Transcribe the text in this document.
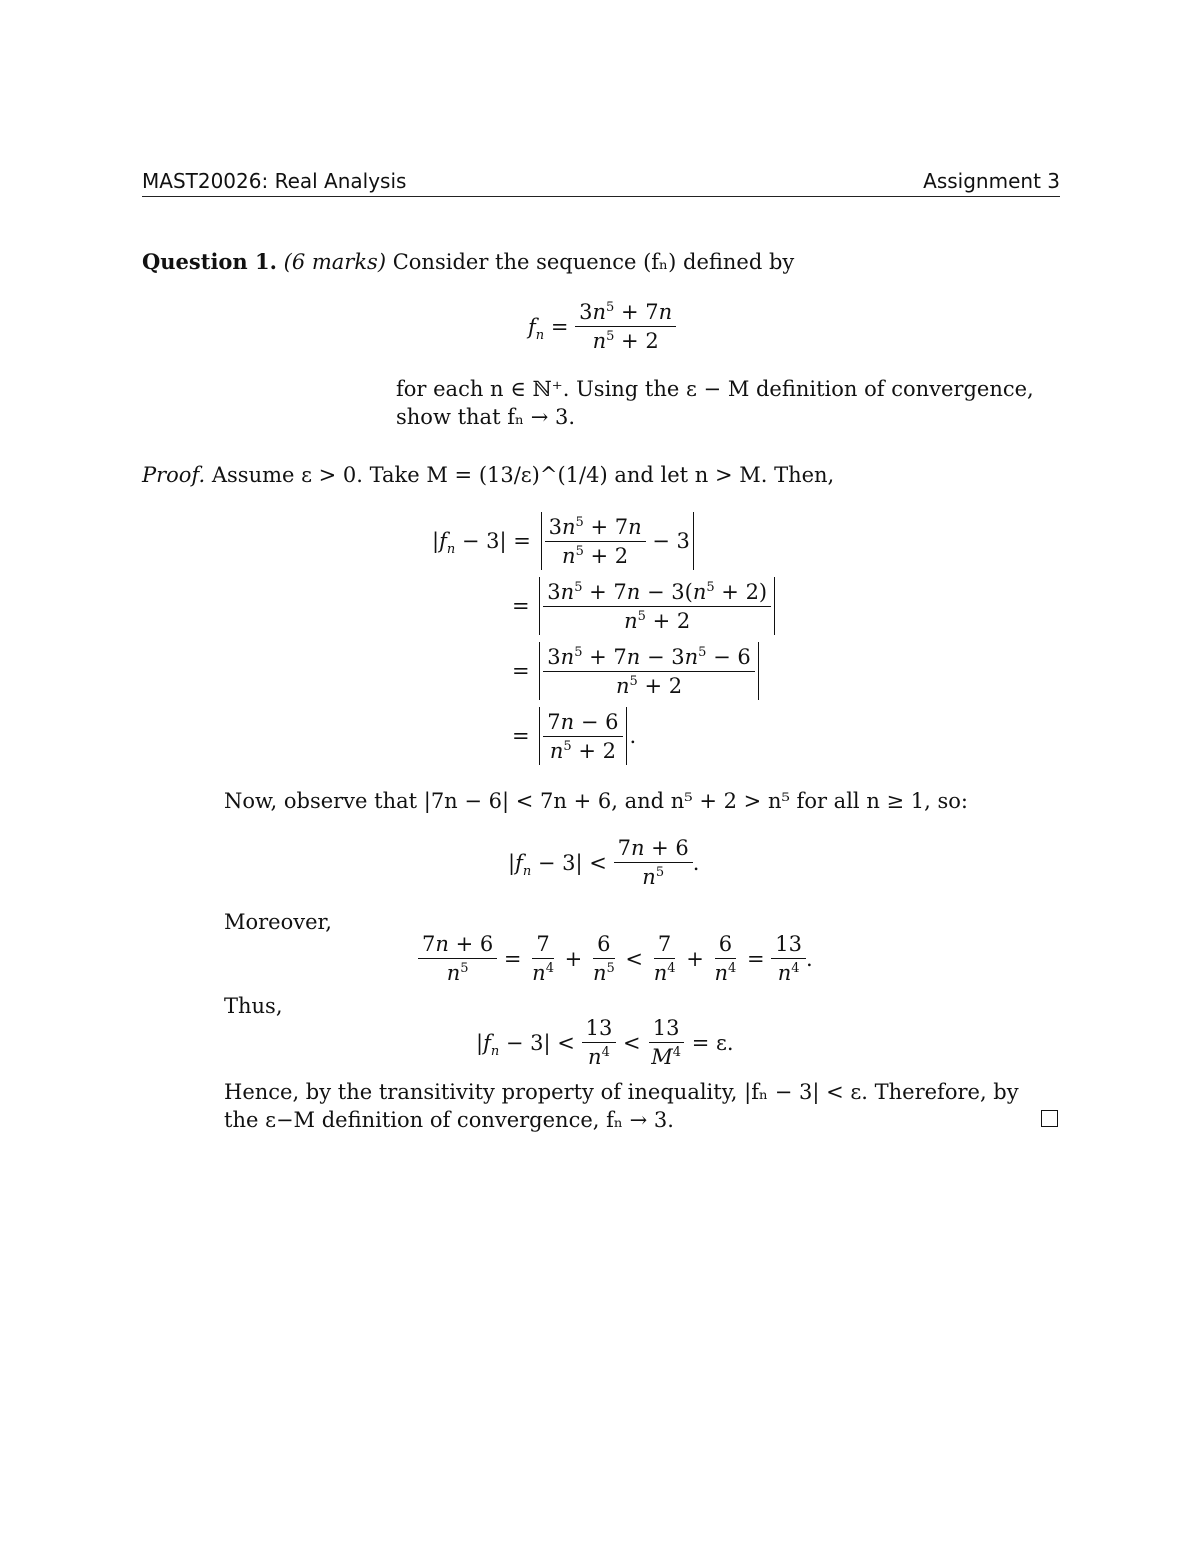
MAST20026: Real Analysis	Assignment 3
Question 1. (6 marks) Consider the sequence (fₙ) defined by
$f_n = \frac{3n^5 + 7n}{n^5 + 2}$
for each n ∈ ℕ⁺. Using the ε − M definition of convergence,
show that fₙ → 3.
Proof. Assume ε > 0. Take M = (13/ε)^(1/4) and let n > M. Then,
$|f_n - 3| = \frac{3n^5 + 7n}{n^5 + 2} - 3$
= $\frac{3n^5 + 7n - 3(n^5 + 2)}{n^5 + 2}$
= $\frac{3n^5 + 7n - 3n^5 - 6}{n^5 + 2}$
= $\frac{7n - 6}{n^5 + 2}$ .
Now, observe that |7n − 6| < 7n + 6, and n⁵ + 2 > n⁵ for all n ≥ 1, so:
$|f_n - 3| < \frac{7n + 6}{n^5}$ .
Moreover,
$\frac{7n + 6}{n^5} = \frac{7}{n^4} + \frac{6}{n^5} < \frac{7}{n^4} + \frac{6}{n^4} = \frac{13}{n^4}$ .
Thus,
$|f_n - 3| < \frac{13}{n^4} < \frac{13}{M^4} = \varepsilon$.
Hence, by the transitivity property of inequality, |fₙ − 3| < ε. Therefore, by
the ε−M definition of convergence, fₙ → 3.
